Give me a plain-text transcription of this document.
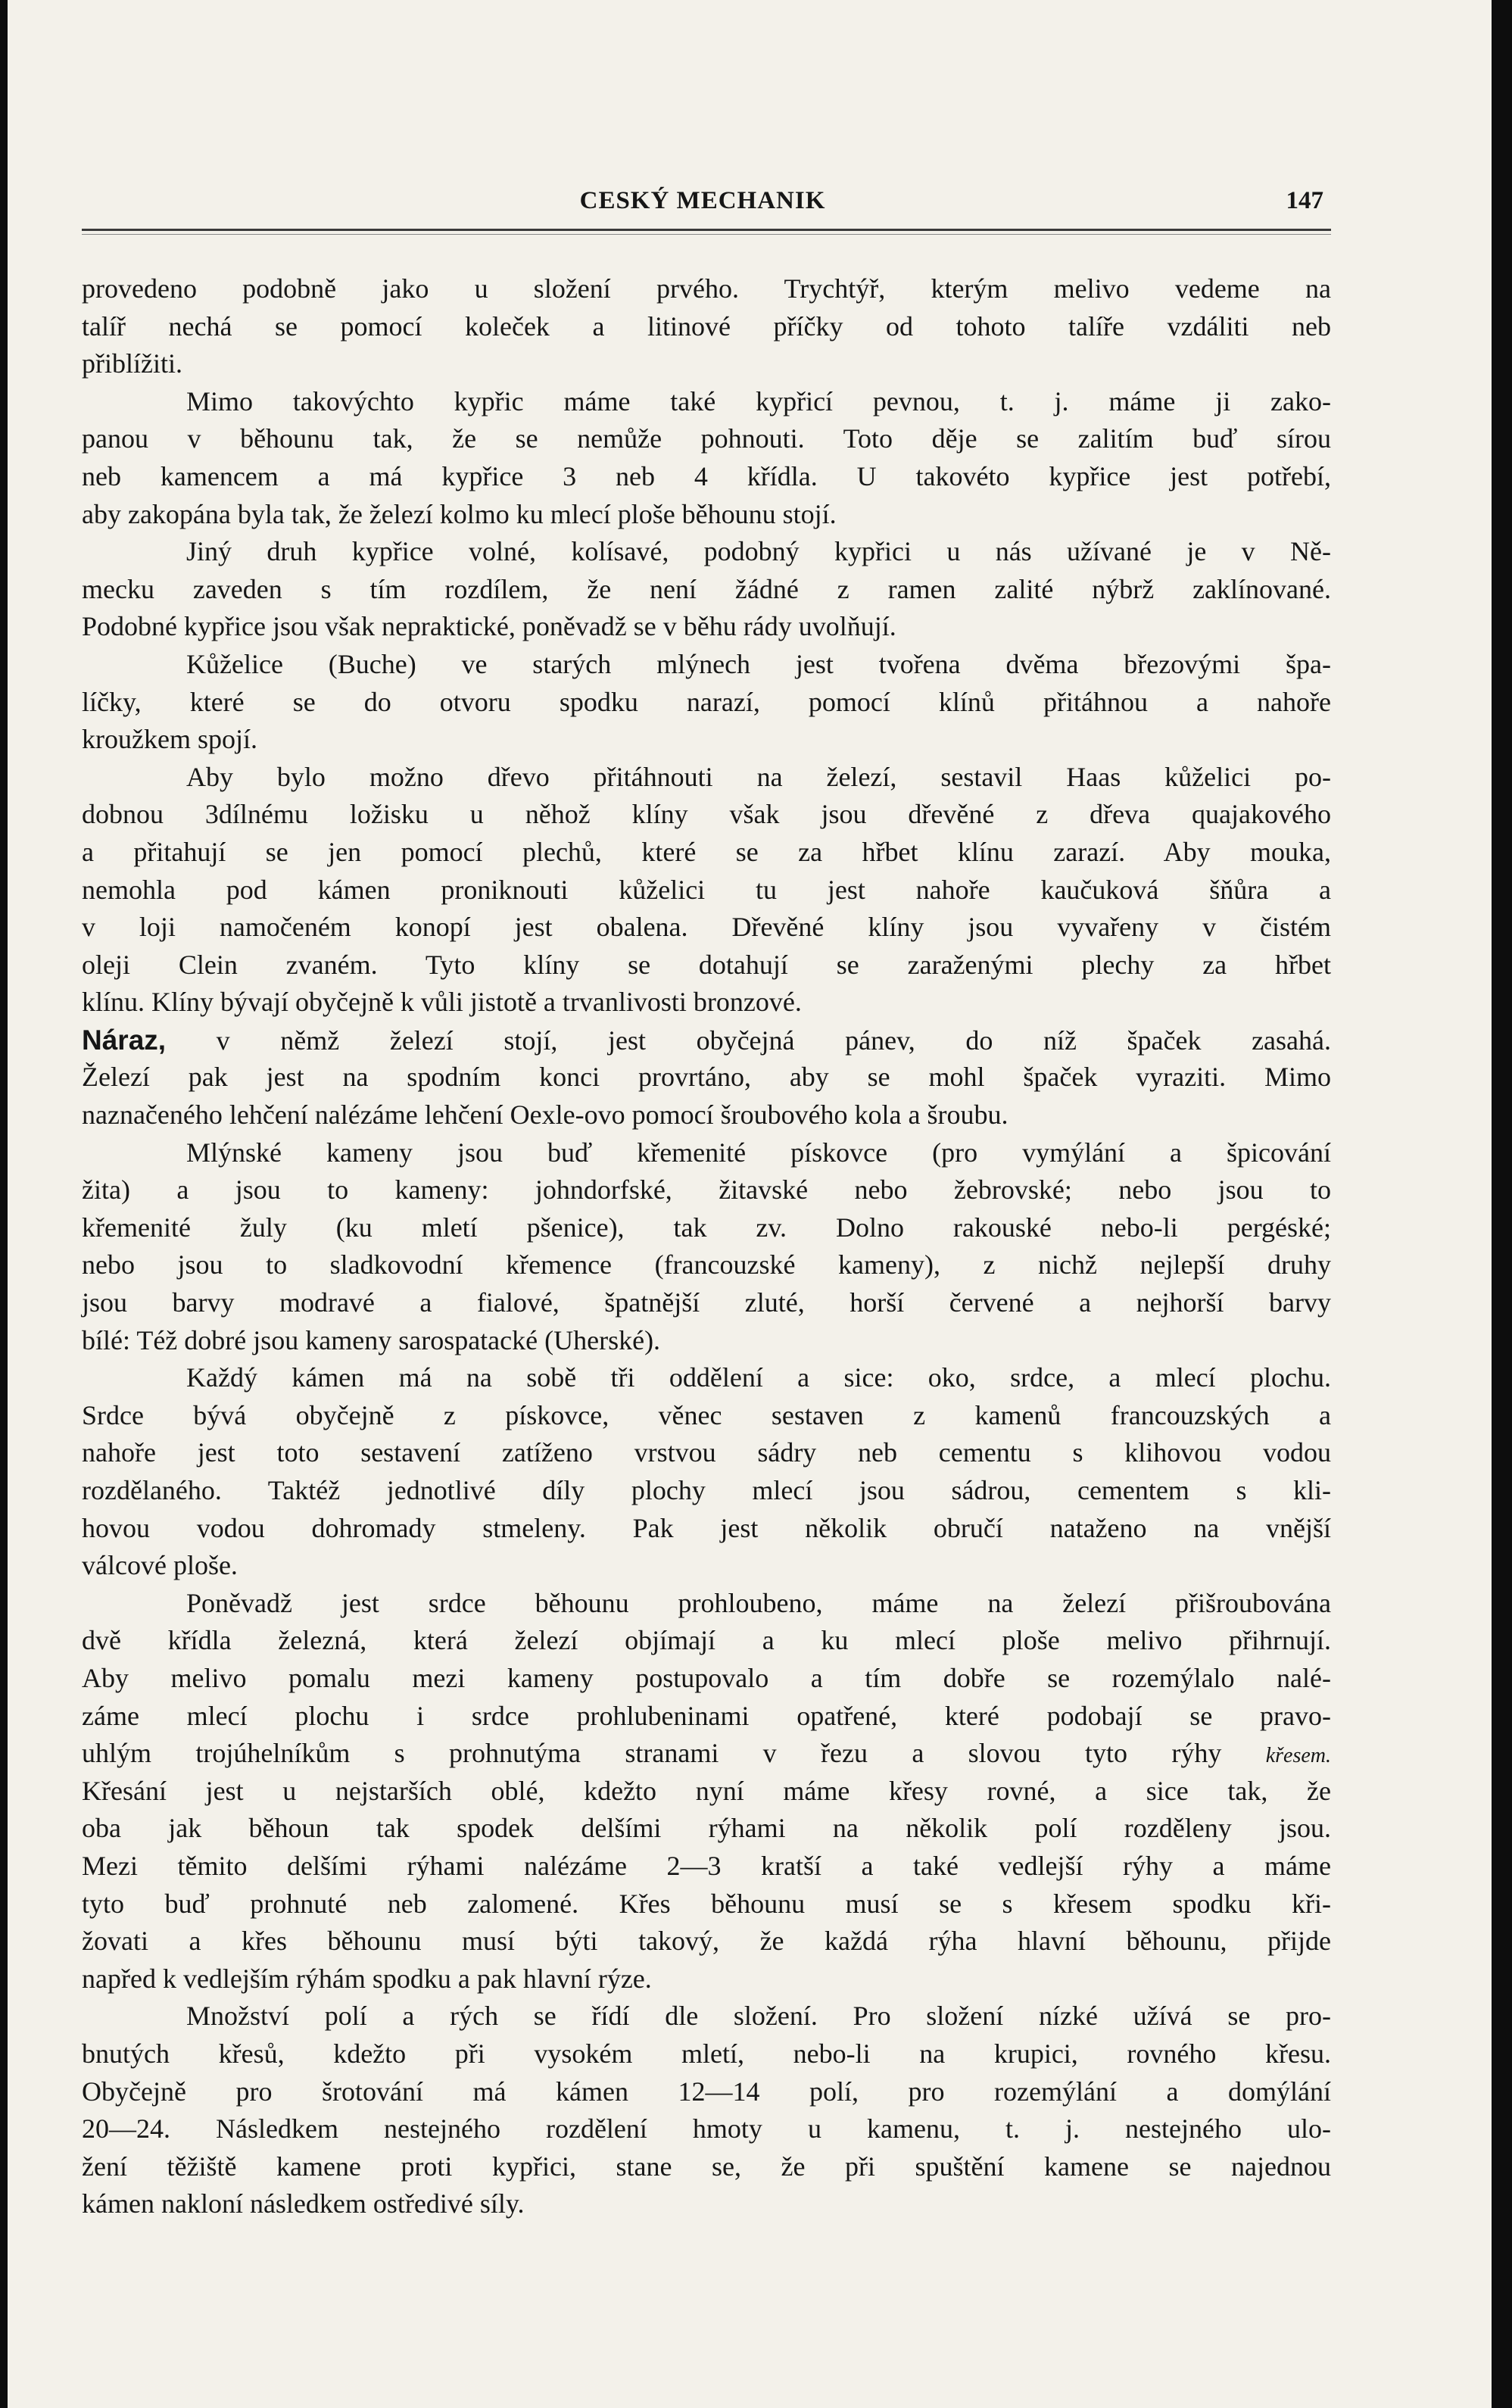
CESKÝ MECHANIK	147
provedeno podobně jako u složení prvého. Trychtýř, kterým melivo vedeme na
talíř nechá se pomocí koleček a litinové příčky od tohoto talíře vzdáliti neb
přiblížiti.
Mimo takovýchto kypřic máme také kypřicí pevnou, t. j. máme ji zako-
panou v běhounu tak, že se nemůže pohnouti. Toto děje se zalitím buď sírou
neb kamencem a má kypřice 3 neb 4 křídla. U takovéto kypřice jest potřebí,
aby zakopána byla tak, že železí kolmo ku mlecí ploše běhounu stojí.
Jiný druh kypřice volné, kolísavé, podobný kypřici u nás užívané je v Ně-
mecku zaveden s tím rozdílem, že není žádné z ramen zalité nýbrž zaklínované.
Podobné kypřice jsou však nepraktické, poněvadž se v běhu rády uvolňují.
Kůželice (Buche) ve starých mlýnech jest tvořena dvěma březovými špa-
líčky, které se do otvoru spodku narazí, pomocí klínů přitáhnou a nahoře
kroužkem spojí.
Aby bylo možno dřevo přitáhnouti na železí, sestavil Haas kůželici po-
dobnou 3dílnému ložisku u něhož klíny však jsou dřevěné z dřeva quajakového
a přitahují se jen pomocí plechů, které se za hřbet klínu zarazí. Aby mouka,
nemohla pod kámen proniknouti kůželici tu jest nahoře kaučuková šňůra a
v loji namočeném konopí jest obalena. Dřevěné klíny jsou vyvařeny v čistém
oleji Clein zvaném. Tyto klíny se dotahují se zaraženými plechy za hřbet
klínu. Klíny bývají obyčejně k vůli jistotě a trvanlivosti bronzové.
Náraz, v němž železí stojí, jest obyčejná pánev, do níž špaček zasahá.
Železí pak jest na spodním konci provrtáno, aby se mohl špaček vyraziti. Mimo
naznačeného lehčení nalézáme lehčení Oexle-ovo pomocí šroubového kola a šroubu.
Mlýnské kameny jsou buď křemenité pískovce (pro vymýlání a špicování
žita) a jsou to kameny: johndorfské, žitavské nebo žebrovské; nebo jsou to
křemenité žuly (ku mletí pšenice), tak zv. Dolno rakouské nebo-li pergéské;
nebo jsou to sladkovodní křemence (francouzské kameny), z nichž nejlepší druhy
jsou barvy modravé a fialové, špatnější zluté, horší červené a nejhorší barvy
bílé: Též dobré jsou kameny sarospatacké (Uherské).
Každý kámen má na sobě tři oddělení a sice: oko, srdce, a mlecí plochu.
Srdce bývá obyčejně z pískovce, věnec sestaven z kamenů francouzských a
nahoře jest toto sestavení zatíženo vrstvou sádry neb cementu s klihovou vodou
rozdělaného. Taktéž jednotlivé díly plochy mlecí jsou sádrou, cementem s kli-
hovou vodou dohromady stmeleny. Pak jest několik obručí nataženo na vnější
válcové ploše.
Poněvadž jest srdce běhounu prohloubeno, máme na železí přišroubována
dvě křídla železná, která železí objímají a ku mlecí ploše melivo přihrnují.
Aby melivo pomalu mezi kameny postupovalo a tím dobře se rozemýlalo nalé-
záme mlecí plochu i srdce prohlubeninami opatřené, které podobají se pravo-
uhlým trojúhelníkům s prohnutýma stranami v řezu a slovou tyto rýhy křesem.
Křesání jest u nejstarších oblé, kdežto nyní máme křesy rovné, a sice tak, že
oba jak běhoun tak spodek delšími rýhami na několik polí rozděleny jsou.
Mezi těmito delšími rýhami nalézáme 2—3 kratší a také vedlejší rýhy a máme
tyto buď prohnuté neb zalomené. Křes běhounu musí se s křesem spodku kři-
žovati a křes běhounu musí býti takový, že každá rýha hlavní běhounu, přijde
napřed k vedlejším rýhám spodku a pak hlavní rýze.
Množství polí a rých se řídí dle složení. Pro složení nízké užívá se pro-
bnutých křesů, kdežto při vysokém mletí, nebo-li na krupici, rovného křesu.
Obyčejně pro šrotování má kámen 12—14 polí, pro rozemýlání a domýlání
20—24. Následkem nestejného rozdělení hmoty u kamenu, t. j. nestejného ulo-
žení těžiště kamene proti kypřici, stane se, že při spuštění kamene se najednou
kámen nakloní následkem ostředivé síly.
